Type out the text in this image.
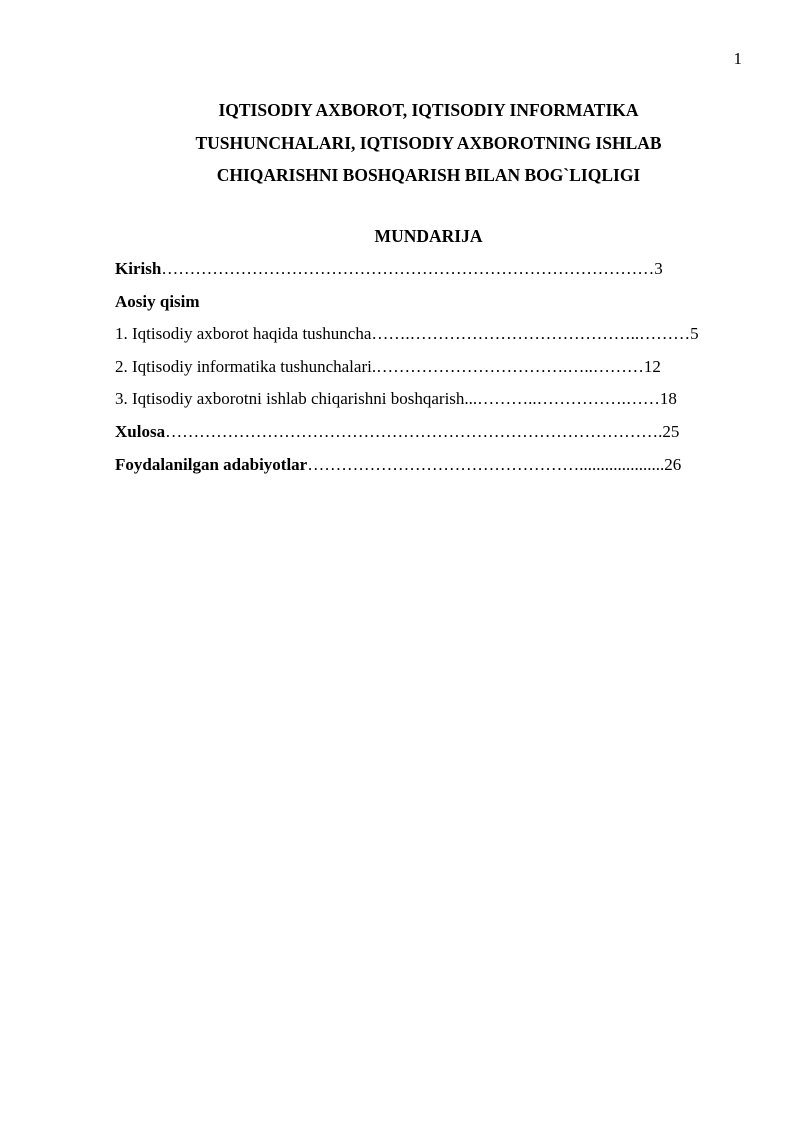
1
IQTISODIY AXBOROT, IQTISODIY INFORMATIKA
TUSHUNCHALARI, IQTISODIY AXBOROTNING ISHLAB
CHIQARISHNI BOSHQARISH BILAN BOG`LIQLIGI
MUNDARIJA
Kirish……………………………………………………………………………3
Aosiy qisim
1. Iqtisodiy axborot haqida tushuncha…….…………………………………..………5
2. Iqtisodiy informatika tushunchalari.…………………………….…..………12
3. Iqtisodiy axborotni ishlab chiqarishni boshqarish...………..…………….……18
Xulosa…………………………………………………………………………….25
Foydalanilgan adabiyotlar…………………………………………....................26
